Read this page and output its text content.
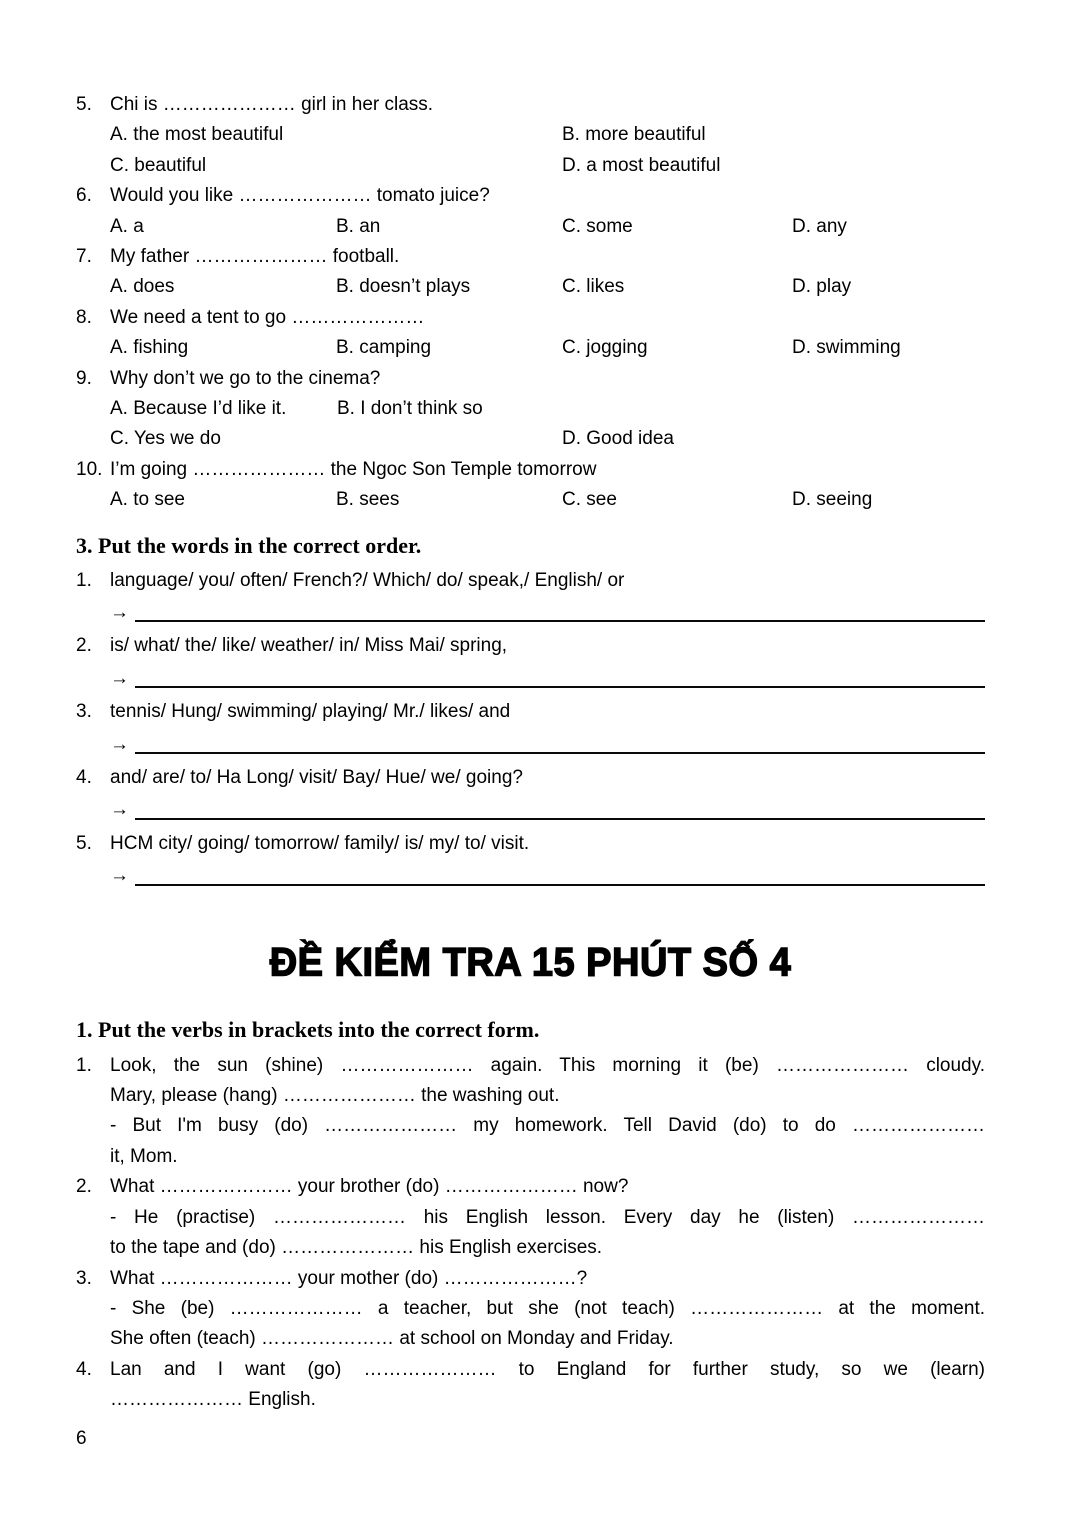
5. Chi is ………………… girl in her class.
A. the most beautiful	B. more beautiful
C. beautiful	D. a most beautiful
6. Would you like ………………… tomato juice?
A. a	B. an	C. some	D. any
7. My father ………………… football.
A. does	B. doesn’t plays	C. likes	D. play
8. We need a tent to go …………………
A. fishing	B. camping	C. jogging	D. swimming
9. Why don’t we go to the cinema?
A. Because I’d like it.	B. I don’t think so
C. Yes we do	D. Good idea
10. I’m going ………………… the Ngoc Son Temple tomorrow
A. to see	B. sees	C. see	D. seeing
3. Put the words in the correct order.
1. language/ you/ often/ French?/ Which/ do/ speak,/ English/ or
→
2. is/ what/ the/ like/ weather/ in/ Miss Mai/ spring,
→
3. tennis/ Hung/ swimming/ playing/ Mr./ likes/ and
→
4. and/ are/ to/ Ha Long/ visit/ Bay/ Hue/ we/ going?
→
5. HCM city/ going/ tomorrow/ family/ is/ my/ to/ visit.
→
ĐỀ KIỂM TRA 15 PHÚT SỐ 4
1. Put the verbs in brackets into the correct form.
1. Look, the sun (shine) ………………… again. This morning it (be) ………………… cloudy.
Mary, please (hang) ………………… the washing out.
- But I'm busy (do) ………………… my homework. Tell David (do) to do …………………
it, Mom.
2. What ………………… your brother (do) ………………… now?
- He (practise) ………………… his English lesson. Every day he (listen) …………………
to the tape and (do) ………………… his English exercises.
3. What ………………… your mother (do) …………………?
- She (be) ………………… a teacher, but she (not teach) ………………… at the moment.
She often (teach) ………………… at school on Monday and Friday.
4. Lan and I want (go) ………………… to England for further study, so we (learn)
………………… English.
6
